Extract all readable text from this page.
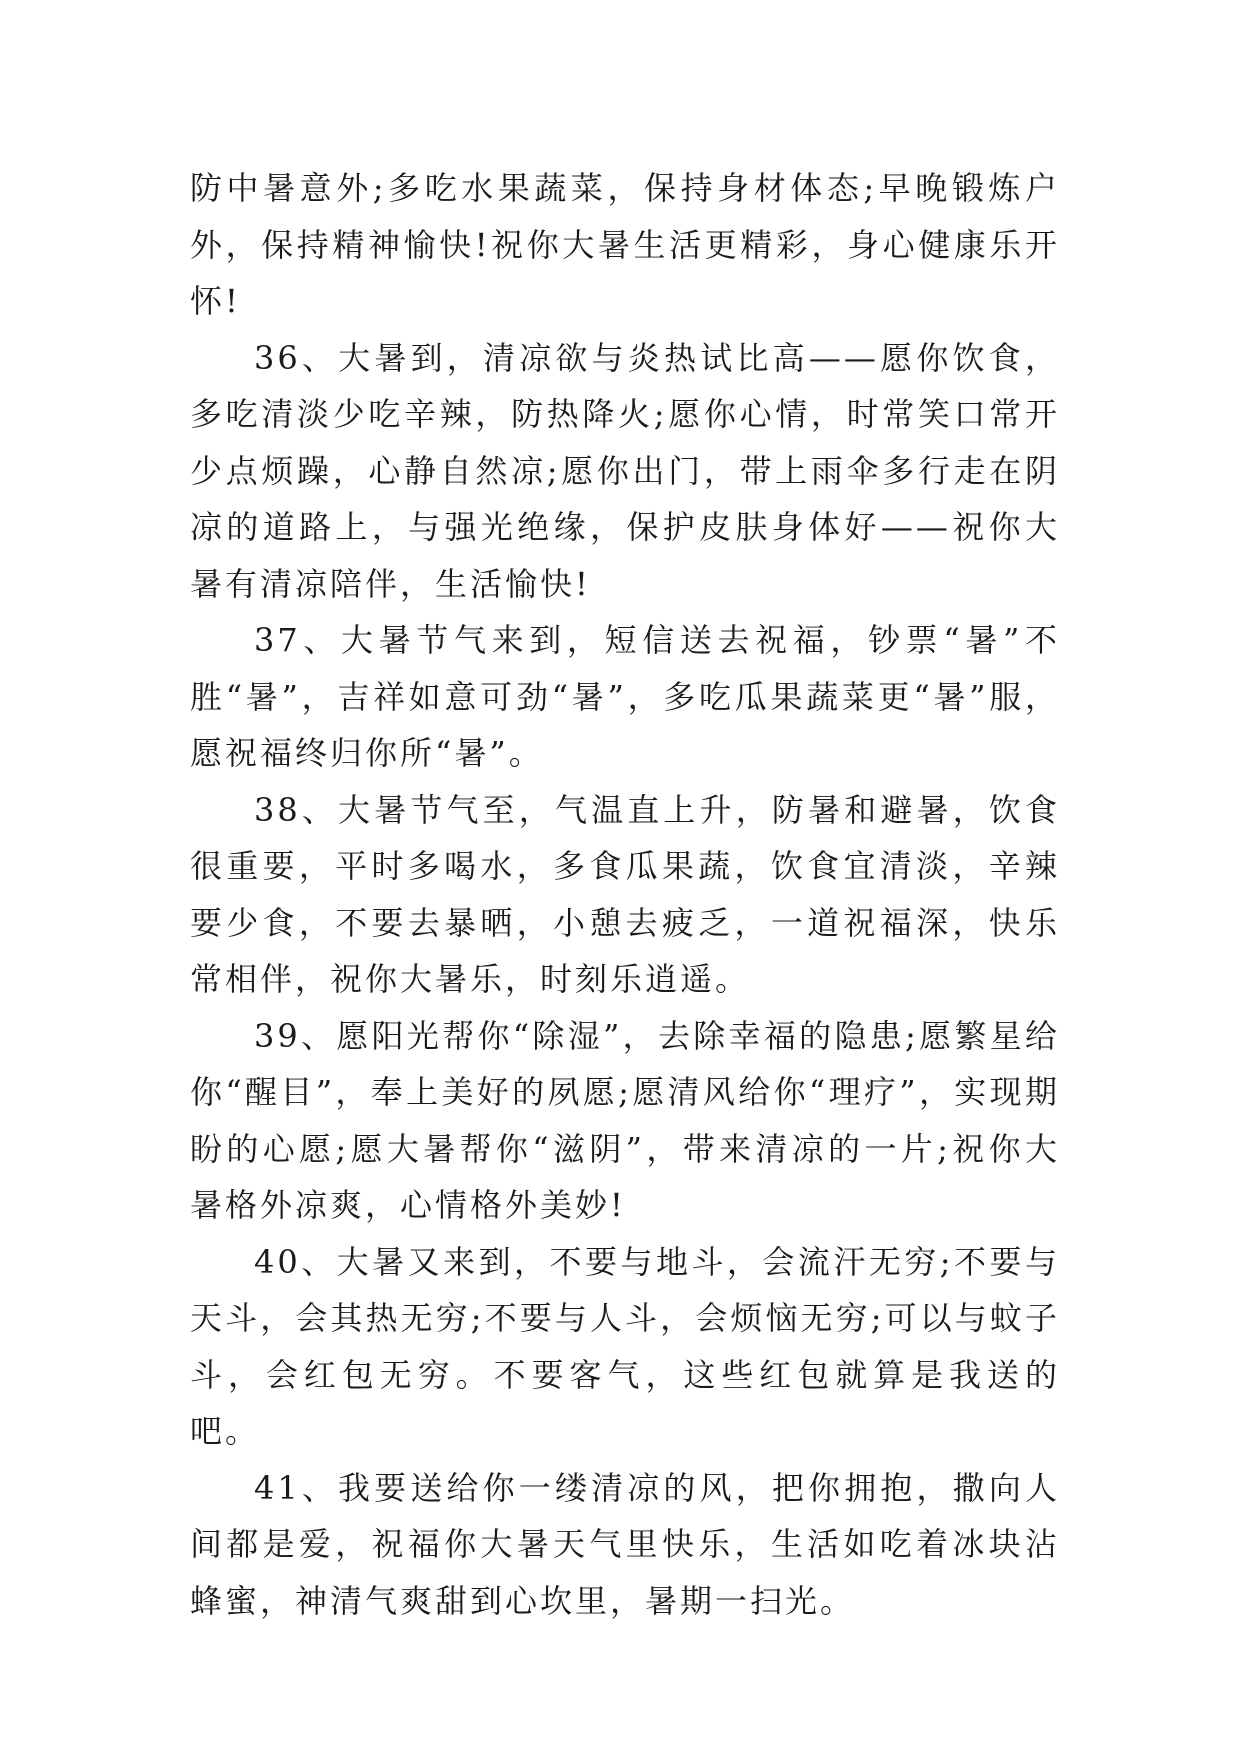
防中暑意外;多吃水果蔬菜，保持身材体态;早晚锻炼户外，保持精神愉快!祝你大暑生活更精彩，身心健康乐开怀!

36、大暑到，清凉欲与炎热试比高——愿你饮食，多吃清淡少吃辛辣，防热降火;愿你心情，时常笑口常开少点烦躁，心静自然凉;愿你出门，带上雨伞多行走在阴凉的道路上，与强光绝缘，保护皮肤身体好——祝你大暑有清凉陪伴，生活愉快!

37、大暑节气来到，短信送去祝福，钞票“暑”不胜“暑”，吉祥如意可劲“暑”，多吃瓜果蔬菜更“暑”服，愿祝福终归你所“暑”。

38、大暑节气至，气温直上升，防暑和避暑，饮食很重要，平时多喝水，多食瓜果蔬，饮食宜清淡，辛辣要少食，不要去暴晒，小憩去疲乏，一道祝福深，快乐常相伴，祝你大暑乐，时刻乐逍遥。

39、愿阳光帮你“除湿”，去除幸福的隐患;愿繁星给你“醒目”，奉上美好的夙愿;愿清风给你“理疗”，实现期盼的心愿;愿大暑帮你“滋阴”，带来清凉的一片;祝你大暑格外凉爽，心情格外美妙!

40、大暑又来到，不要与地斗，会流汗无穷;不要与天斗，会其热无穷;不要与人斗，会烦恼无穷;可以与蚊子斗，会红包无穷。不要客气，这些红包就算是我送的吧。

41、我要送给你一缕清凉的风，把你拥抱，撒向人间都是爱，祝福你大暑天气里快乐，生活如吃着冰块沾蜂蜜，神清气爽甜到心坎里，暑期一扫光。
